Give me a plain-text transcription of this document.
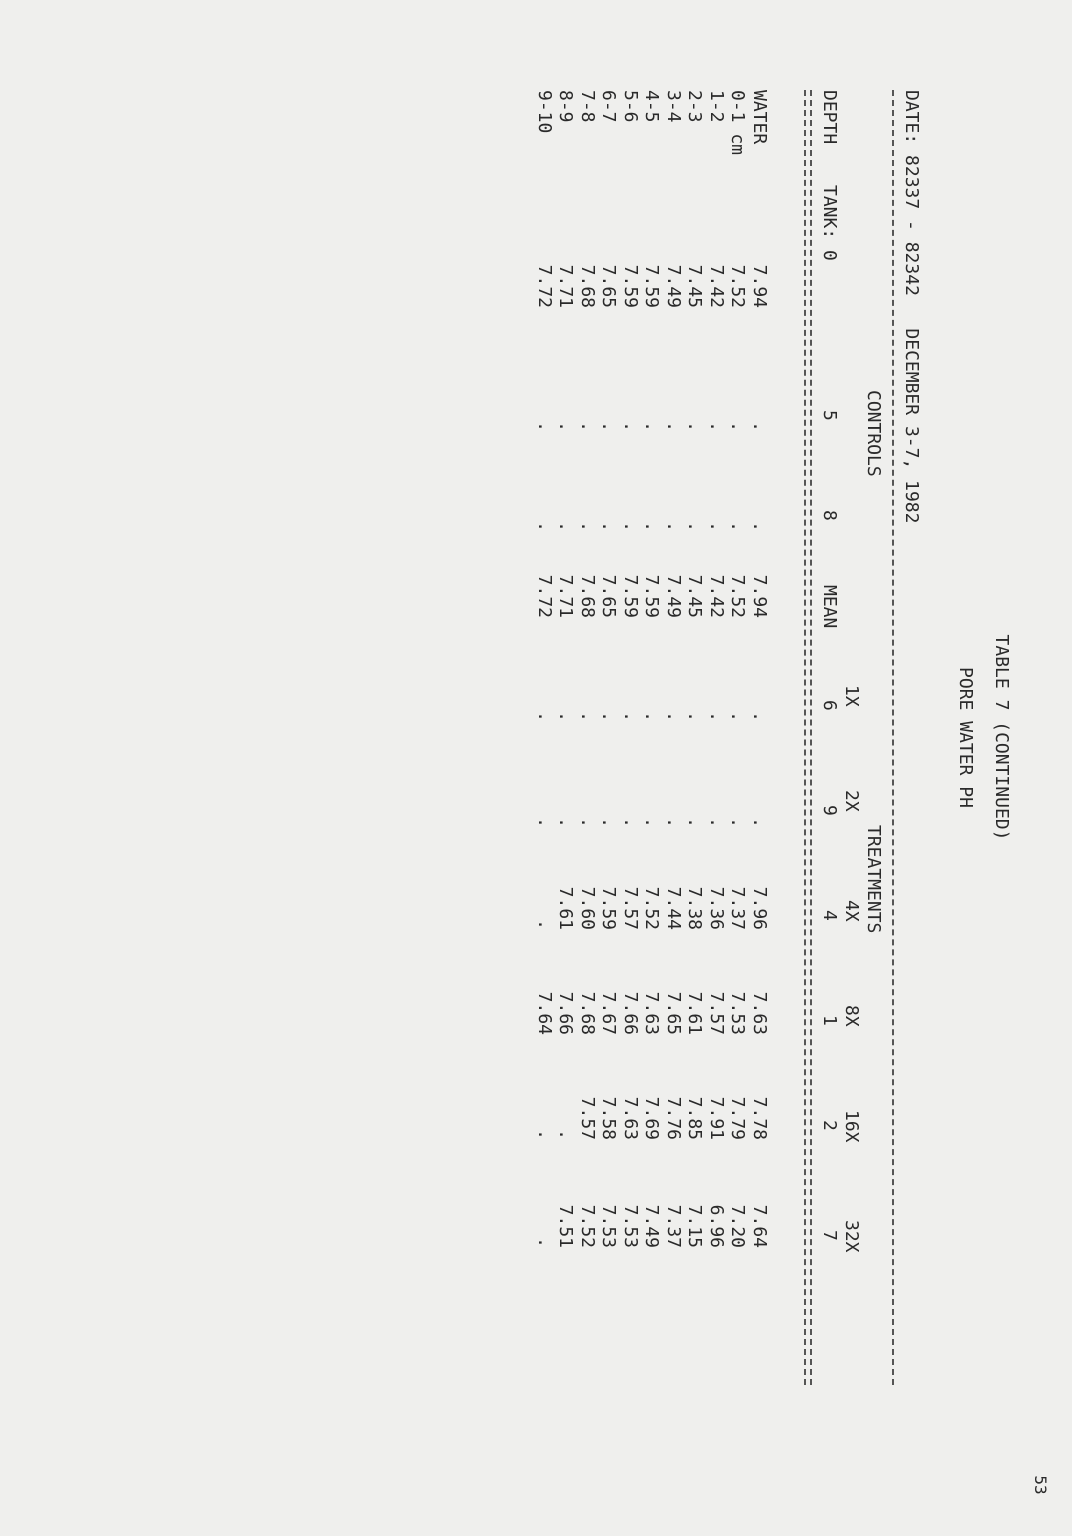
53
TABLE 7 (CONTINUED)
PORE WATER PH
DATE: 82337 - 82342   DECEMBER 3-7, 1982
CONTROLS
TREATMENTS
1X
2X
4X
8X
16X
32X
DEPTH
TANK: 0
5
8
MEAN
6
9
4
1
2
7
WATER
7.94
.
.
7.94
.
.
7.96
7.63
7.78
7.64
0-1 cm
7.52
.
.
7.52
.
.
7.37
7.53
7.79
7.20
1-2
7.42
.
.
7.42
.
.
7.36
7.57
7.91
6.96
2-3
7.45
.
.
7.45
.
.
7.38
7.61
7.85
7.15
3-4
7.49
.
.
7.49
.
.
7.44
7.65
7.76
7.37
4-5
7.59
.
.
7.59
.
.
7.52
7.63
7.69
7.49
5-6
7.59
.
.
7.59
.
.
7.57
7.66
7.63
7.53
6-7
7.65
.
.
7.65
.
.
7.59
7.67
7.58
7.53
7-8
7.68
.
.
7.68
.
.
7.60
7.68
7.57
7.52
8-9
7.71
.
.
7.71
.
.
7.61
7.66
.
7.51
9-10
7.72
.
.
7.72
.
.
.
7.64
.
.
